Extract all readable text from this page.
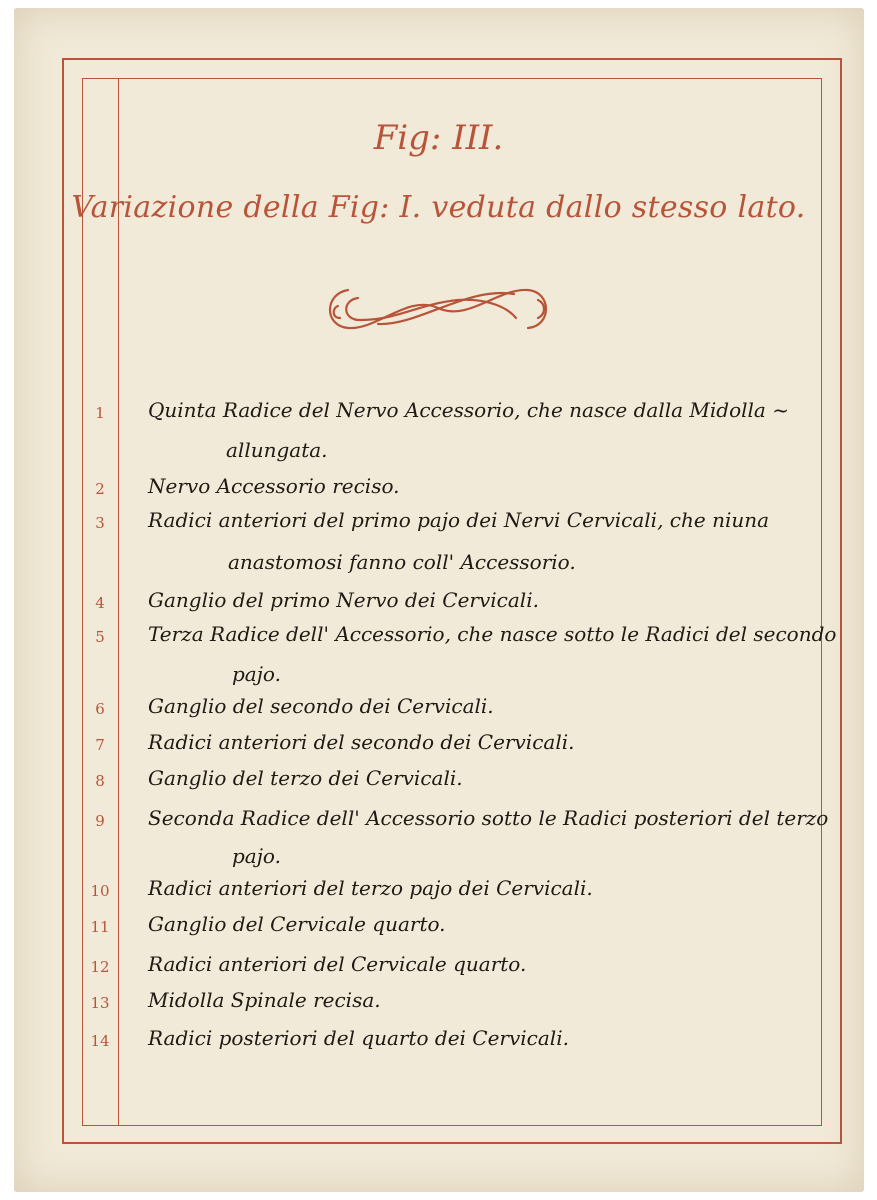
Fig: III.
Variazione della Fig: I. veduta dallo stesso lato.
1	Quinta Radice del Nervo Accessorio, che nasce dalla Midolla ~
allungata.
2	Nervo Accessorio reciso.
3	Radici anteriori del primo pajo dei Nervi Cervicali, che niuna
anastomosi fanno coll' Accessorio.
4	Ganglio del primo Nervo dei Cervicali.
5	Terza Radice dell' Accessorio, che nasce sotto le Radici del secondo
pajo.
6	Ganglio del secondo dei Cervicali.
7	Radici anteriori del secondo dei Cervicali.
8	Ganglio del terzo dei Cervicali.
9	Seconda Radice dell' Accessorio sotto le Radici posteriori del terzo
pajo.
10	Radici anteriori del terzo pajo dei Cervicali.
11	Ganglio del Cervicale quarto.
12	Radici anteriori del Cervicale quarto.
13	Midolla Spinale recisa.
14	Radici posteriori del quarto dei Cervicali.
